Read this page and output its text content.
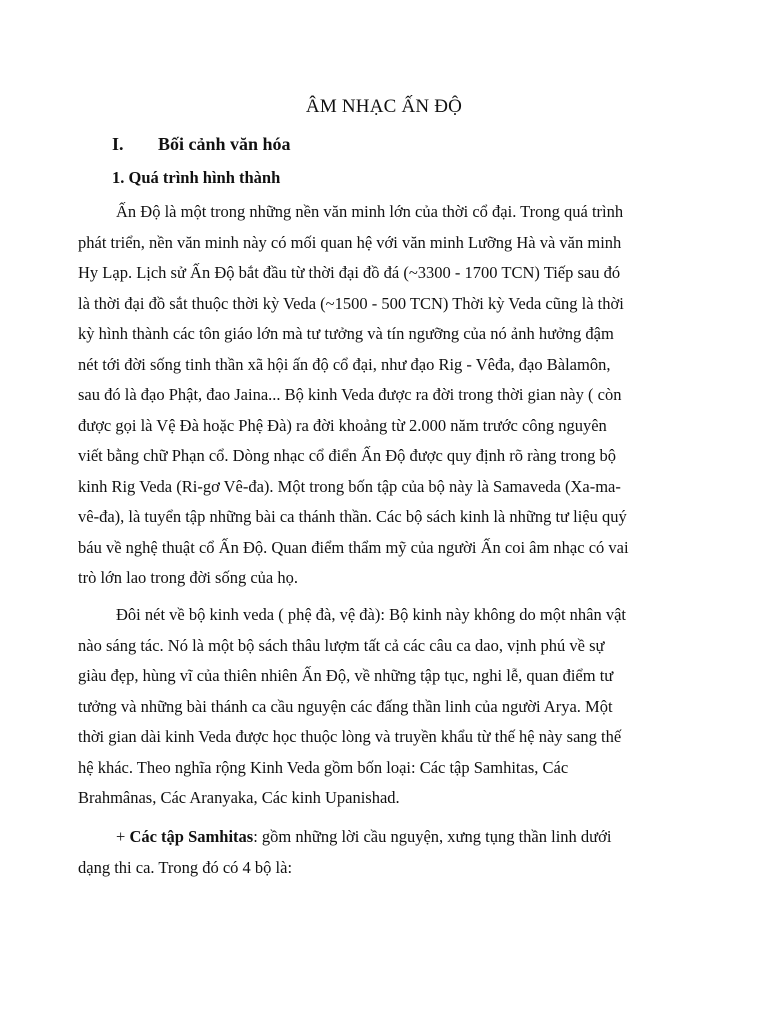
ÂM NHẠC ẤN ĐỘ
I. Bối cảnh văn hóa
1. Quá trình hình thành
Ấn Độ là một trong những nền văn minh lớn của thời cổ đại. Trong quá trình
phát triển, nền văn minh này có mối quan hệ với văn minh Lưỡng Hà và văn minh
Hy Lạp. Lịch sử Ấn Độ bắt đầu từ thời đại đồ đá (~3300 - 1700 TCN) Tiếp sau đó
là thời đại đồ sắt thuộc thời kỳ Veda (~1500 - 500 TCN) Thời kỳ Veda cũng là thời
kỳ hình thành các tôn giáo lớn mà tư tưởng và tín ngưỡng của nó ảnh hưởng đậm
nét tới đời sống tinh thần xã hội ấn độ cổ đại, như đạo Rig - Vêđa, đạo Bàlamôn,
sau đó là đạo Phật, đao Jaina... Bộ kinh Veda được ra đời trong thời gian này ( còn
được gọi là Vệ Đà hoặc Phệ Đà) ra đời khoảng từ 2.000 năm trước công nguyên
viết bằng chữ Phạn cổ. Dòng nhạc cổ điển Ấn Độ được quy định rõ ràng trong bộ
kinh Rig Veda (Ri-gơ Vê-đa). Một trong bốn tập của bộ này là Samaveda (Xa-ma-
vê-đa), là tuyển tập những bài ca thánh thần. Các bộ sách kinh là những tư liệu quý
báu về nghệ thuật cổ Ấn Độ. Quan điểm thẩm mỹ của người Ấn coi âm nhạc có vai
trò lớn lao trong đời sống của họ.
Đôi nét về bộ kinh veda ( phệ đà, vệ đà): Bộ kinh này không do một nhân vật
nào sáng tác. Nó là một bộ sách thâu lượm tất cả các câu ca dao, vịnh phú về sự
giàu đẹp, hùng vĩ của thiên nhiên Ấn Độ, về những tập tục, nghi lễ, quan điểm tư
tưởng và những bài thánh ca cầu nguyện các đấng thần linh của người Arya. Một
thời gian dài kinh Veda được học thuộc lòng và truyền khẩu từ thế hệ này sang thế
hệ khác. Theo nghĩa rộng Kinh Veda gồm bốn loại: Các tập Samhitas, Các
Brahmânas, Các Aranyaka, Các kinh Upanishad.
+ Các tập Samhitas: gồm những lời cầu nguyện, xưng tụng thần linh dưới
dạng thi ca. Trong đó có 4 bộ là:
